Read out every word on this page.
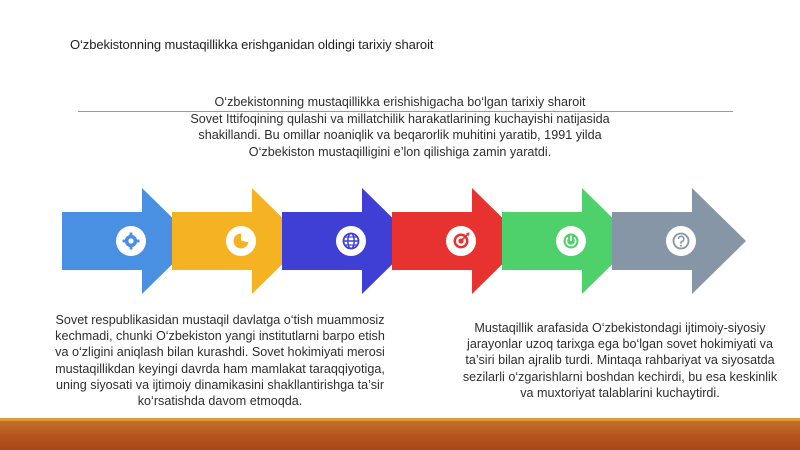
O‘zbekistonning mustaqillikka erishganidan oldingi tarixiy sharoit
O‘zbekistonning mustaqillikka erishishigacha bo‘lgan tarixiy sharoit
Sovet Ittifoqining qulashi va millatchilik harakatlarining kuchayishi natijasida shakillandi. Bu omillar noaniqlik va beqarorlik muhitini yaratib, 1991 yilda O‘zbekiston mustaqilligini e’lon qilishiga zamin yaratdi.
Sovet respublikasidan mustaqil davlatga o‘tish muammosiz kechmadi, chunki O‘zbekiston yangi institutlarni barpo etish va o‘zligini aniqlash bilan kurashdi. Sovet hokimiyati merosi mustaqillikdan keyingi davrda ham mamlakat taraqqiyotiga, uning siyosati va ijtimoiy dinamikasini shakllantirishga ta’sir ko‘rsatishda davom etmoqda.
Mustaqillik arafasida O‘zbekistondagi ijtimoiy-siyosiy jarayonlar uzoq tarixga ega bo‘lgan sovet hokimiyati va ta’siri bilan ajralib turdi. Mintaqa rahbariyat va siyosatda sezilarli o‘zgarishlarni boshdan kechirdi, bu esa keskinlik va muxtoriyat talablarini kuchaytirdi.
